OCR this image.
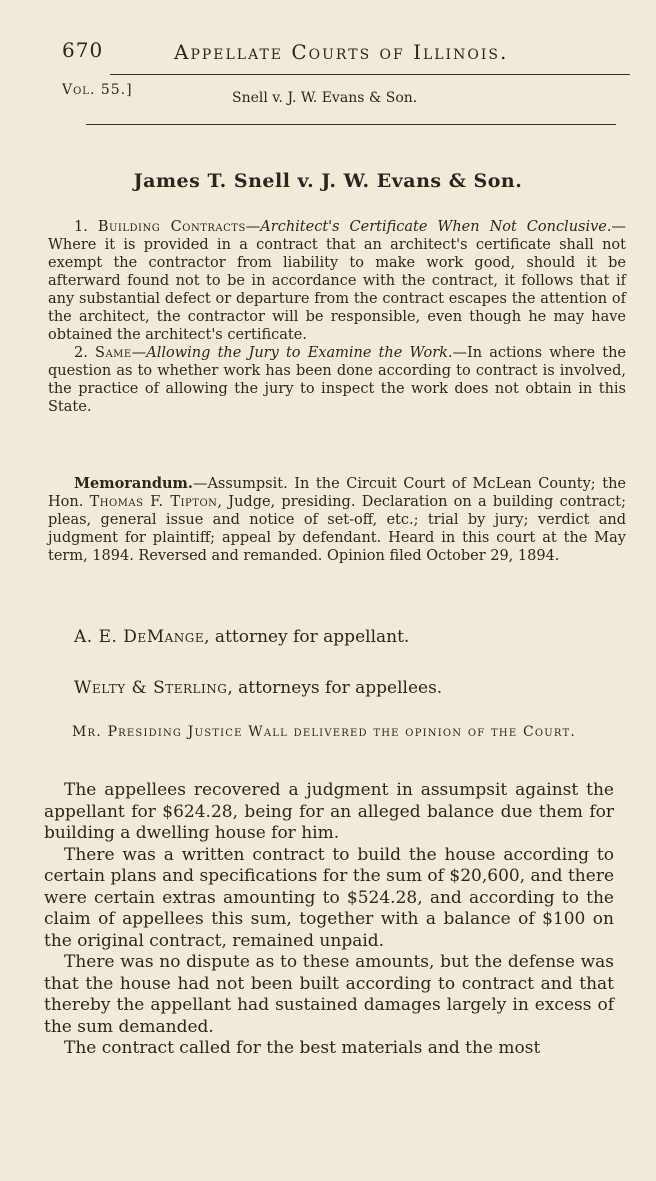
670	Appellate Courts of Illinois.
Vol. 55.]	Snell v. J. W. Evans & Son.
James T. Snell v. J. W. Evans & Son.

1. Building Contracts—Architect's Certificate When Not Conclusive.—Where it is provided in a contract that an architect's certificate shall not exempt the contractor from liability to make work good, should it be afterward found not to be in accordance with the contract, it follows that if any substantial defect or departure from the contract escapes the attention of the architect, the contractor will be responsible, even though he may have obtained the architect's certificate.

2. Same—Allowing the Jury to Examine the Work.—In actions where the question as to whether work has been done according to contract is involved, the practice of allowing the jury to inspect the work does not obtain in this State.

Memorandum.—Assumpsit. In the Circuit Court of McLean County; the Hon. Thomas F. Tipton, Judge, presiding. Declaration on a building contract; pleas, general issue and notice of set-off, etc.; trial by jury; verdict and judgment for plaintiff; appeal by defendant. Heard in this court at the May term, 1894. Reversed and remanded. Opinion filed October 29, 1894.

A. E. DeMange, attorney for appellant.
Welty & Sterling, attorneys for appellees.

Mr. Presiding Justice Wall delivered the opinion of the Court.

The appellees recovered a judgment in assumpsit against the appellant for $624.28, being for an alleged balance due them for building a dwelling house for him.

There was a written contract to build the house according to certain plans and specifications for the sum of $20,600, and there were certain extras amounting to $524.28, and according to the claim of appellees this sum, together with a balance of $100 on the original contract, remained unpaid.

There was no dispute as to these amounts, but the defense was that the house had not been built according to contract and that thereby the appellant had sustained damages largely in excess of the sum demanded.

The contract called for the best materials and the most
